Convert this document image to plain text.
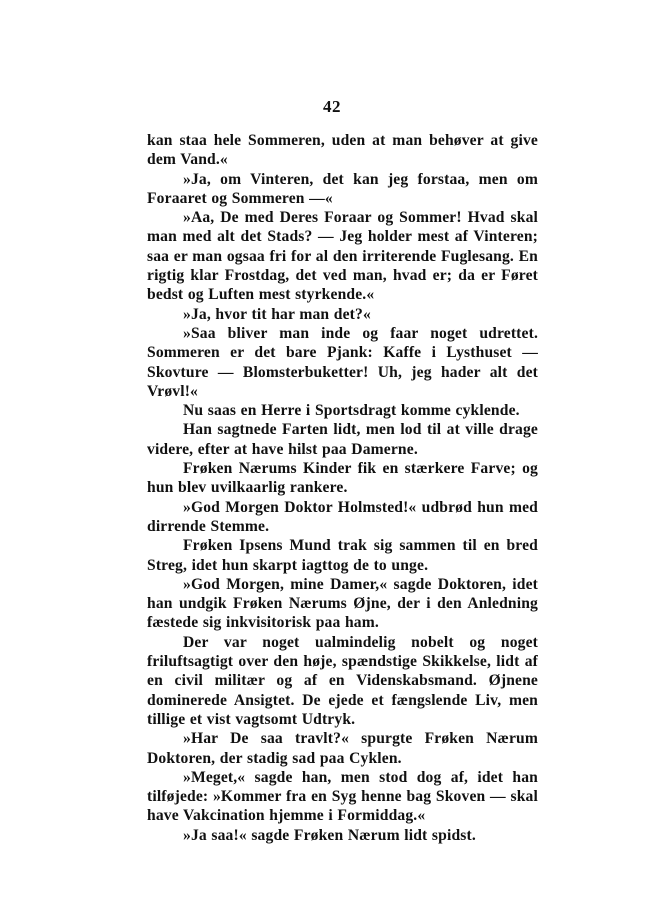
42

kan staa hele Sommeren, uden at man behøver at give dem Vand.«

»Ja, om Vinteren, det kan jeg forstaa, men om Foraaret og Sommeren —«

»Aa, De med Deres Foraar og Sommer! Hvad skal man med alt det Stads? — Jeg holder mest af Vinteren; saa er man ogsaa fri for al den irriterende Fuglesang. En rigtig klar Frostdag, det ved man, hvad er; da er Føret bedst og Luften mest styrkende.«

»Ja, hvor tit har man det?«

»Saa bliver man inde og faar noget udrettet. Sommeren er det bare Pjank: Kaffe i Lysthuset — Skovture — Blomsterbuketter! Uh, jeg hader alt det Vrøvl!«

Nu saas en Herre i Sportsdragt komme cyklende.

Han sagtnede Farten lidt, men lod til at ville drage videre, efter at have hilst paa Damerne.

Frøken Nærums Kinder fik en stærkere Farve; og hun blev uvilkaarlig rankere.

»God Morgen Doktor Holmsted!« udbrød hun med dirrende Stemme.

Frøken Ipsens Mund trak sig sammen til en bred Streg, idet hun skarpt iagttog de to unge.

»God Morgen, mine Damer,« sagde Doktoren, idet han undgik Frøken Nærums Øjne, der i den Anledning fæstede sig inkvisitorisk paa ham.

Der var noget ualmindelig nobelt og noget friluftsagtigt over den høje, spændstige Skikkelse, lidt af en civil militær og af en Videnskabsmand. Øjnene dominerede Ansigtet. De ejede et fængslende Liv, men tillige et vist vagtsomt Udtryk.

»Har De saa travlt?« spurgte Frøken Nærum Doktoren, der stadig sad paa Cyklen.

»Meget,« sagde han, men stod dog af, idet han tilføjede: »Kommer fra en Syg henne bag Skoven — skal have Vakcination hjemme i Formiddag.«

»Ja saa!« sagde Frøken Nærum lidt spidst.
